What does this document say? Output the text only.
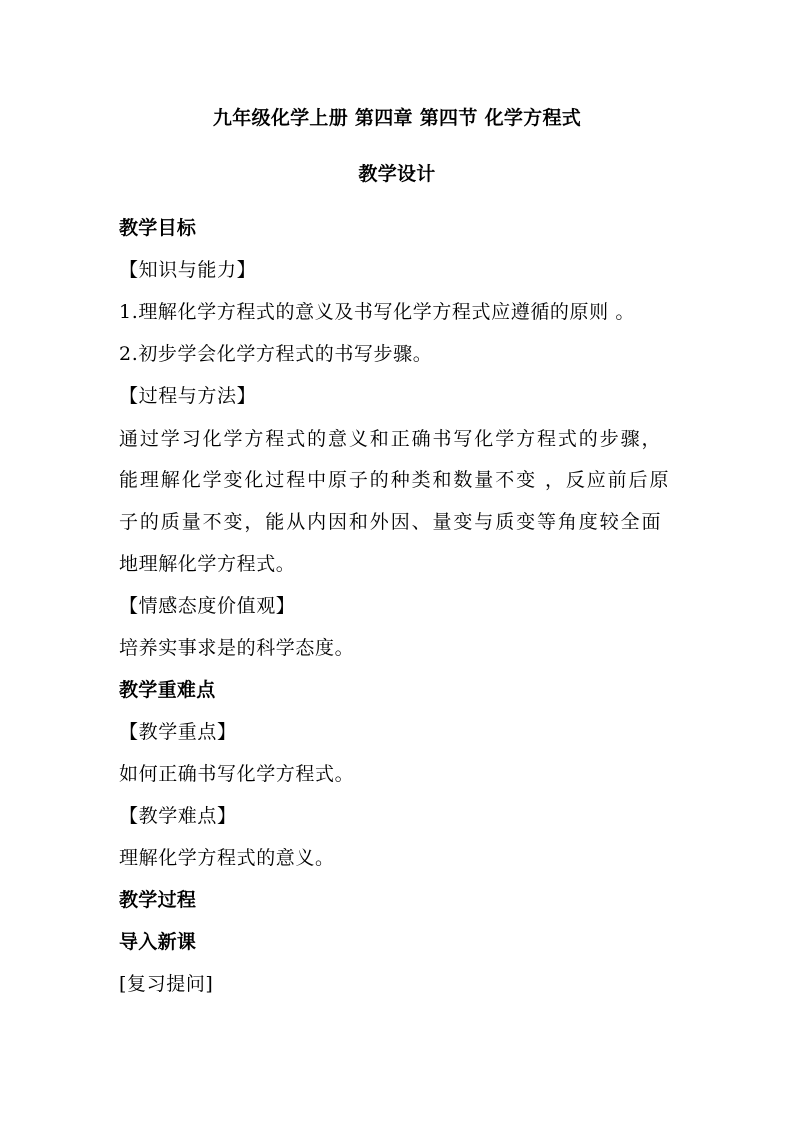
九年级化学上册 第四章 第四节 化学方程式
教学设计
教学目标
【知识与能力】
1.理解化学方程式的意义及书写化学方程式应遵循的原则 。
2.初步学会化学方程式的书写步骤。
【过程与方法】
通过学习化学方程式的意义和正确书写化学方程式的步骤，
能理解化学变化过程中原子的种类和数量不变 ，反应前后原
子的质量不变，能从内因和外因、量变与质变等角度较全面
地理解化学方程式。
【情感态度价值观】
培养实事求是的科学态度。
教学重难点
【教学重点】
如何正确书写化学方程式。
【教学难点】
理解化学方程式的意义。
教学过程
导入新课
[复习提问]
